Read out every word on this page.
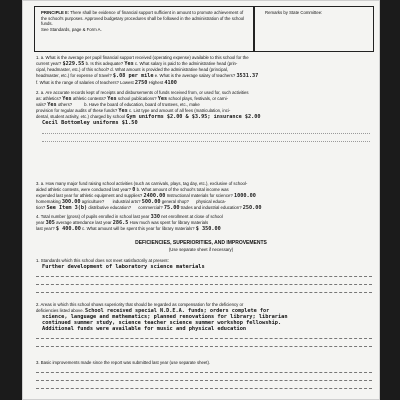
PRINCIPLE II: There shall be evidence of financial support sufficient in amount to promote achievement of the school's purposes. Approved budgetary procedures shall be followed in the administration of the school funds.
See Standards, page & Form A.
Remarks by State Committee:
1. a. What is the average per pupil financial support received (operating expense) available to this school for the
current year? $229.55 b. Is this adequate? Yes c. What salary is paid to the administrative head (prin-
cipal, headmaster, etc.) of this school? d. What amount is provided the administrative head (principal,
headmaster, etc.) for expense of travel? $.08 per mile e. What is the average salary of teachers? 3531.37
f. What is the range of salaries of teachers? Lowest 2750 Highest 4100
2. a. Are accurate records kept of receipts and disbursements of funds received from, or used for, such activities
as: athletics? Yes athletic contests? Yes school publications? Yes school plays, festivals, or carni-
vals? Yes others?	b. Have the board of education, board of trustees, etc., make
provision for regular audits of these funds? Yes c. List type and amount of all fees (matriculation, inci-
dental, student activity, etc.) charged by school Gym uniforms $2.00 & $3.95; insurance $2.00
Cecil Bottomley uniforms $1.50
3. a. How many major fund raising school activities (such as carnivals, plays, tag day, etc.), exclusive of school-
aided athletic contests, were conducted last year? 0 b. What amount of the school's total income was
expended last year for athletic equipment and supplies? 2400.00 Instructional materials for science? 1000.00
homemaking 300.00 agriculture? industrial arts? 500.00 general shop? physical educa-
tion? See Item 3(b) distributive education? commercial? 75.00 trades and industrial education? 250.00
4. Total number (gross) of pupils enrolled in school last year 330 net enrollment at close of school
year 305 average attendance last year 286.5 How much was spent for library materials
last year? $ 400.00 c. What amount will be spent this year for library materials? $ 350.00
DEFICIENCIES, SUPERIORITIES, AND IMPROVEMENTS
(Use separate sheet if necessary)
1. Standards which this school does not meet satisfactorily at present:
Further development of laboratory science materials
2. Areas in which this school shows superiority that should be regarded as compensation for the deficiency or
deficiencies listed above. School received special N.D.E.A. funds; orders complete for
science, language and mathematics; planned renovations for library; librarian
continued summer study, science teacher science summer workshop fellowship.
Additional funds were available for music and physical education
3. Basic improvements made since the report was submitted last year (use separate sheet).
